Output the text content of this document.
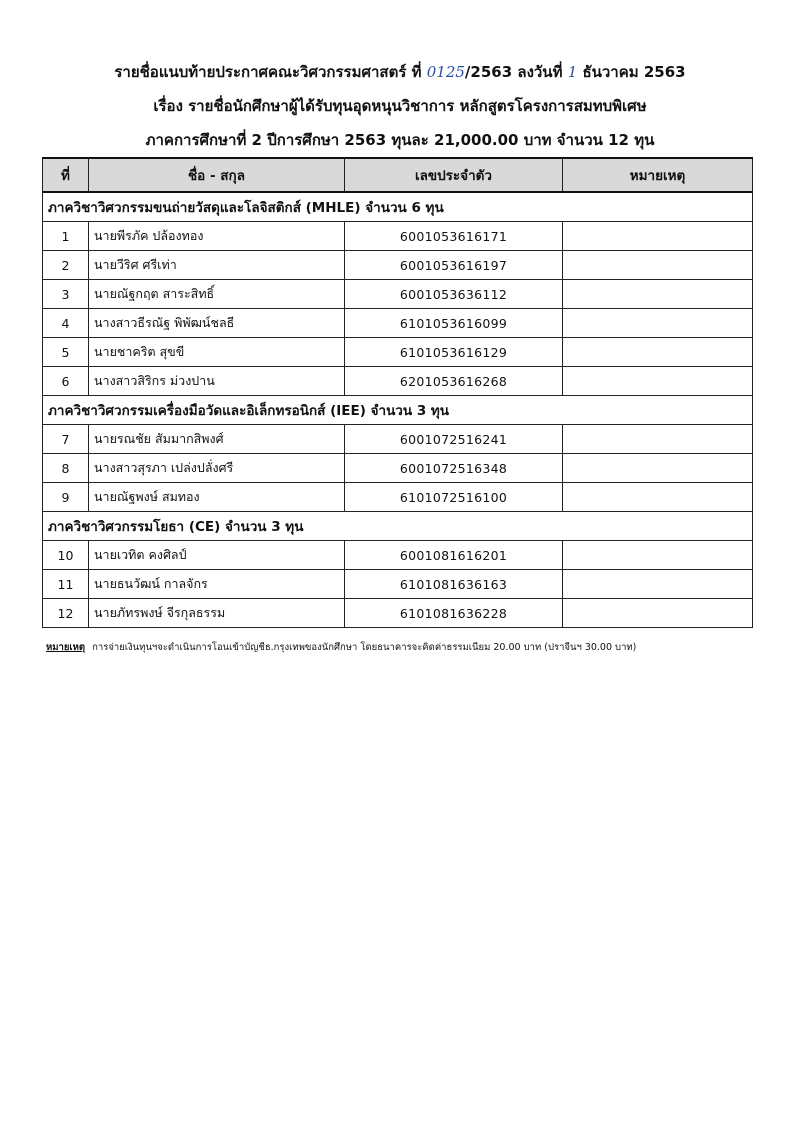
รายชื่อแนบท้ายประกาศคณะวิศวกรรมศาสตร์ ที่ 0125/2563 ลงวันที่ 1 ธันวาคม 2563
เรื่อง รายชื่อนักศึกษาผู้ได้รับทุนอุดหนุนวิชาการ หลักสูตรโครงการสมทบพิเศษ
ภาคการศึกษาที่ 2 ปีการศึกษา 2563 ทุนละ 21,000.00 บาท จำนวน 12 ทุน
ที่	ชื่อ - สกุล	เลขประจำตัว	หมายเหตุ
ภาควิชาวิศวกรรมขนถ่ายวัสดุและโลจิสติกส์ (MHLE) จำนวน 6 ทุน			
1	นายพีรภัค ปล้องทอง	6001053616171	
2	นายวีริศ ศรีเท่า	6001053616197	
3	นายณัฐกฤต สาระสิทธิ์	6001053636112	
4	นางสาวธีรณัฐ พิพัฒน์ชลธี	6101053616099	
5	นายชาคริต สุขขี	6101053616129	
6	นางสาวสิริกร ม่วงปาน	6201053616268	
ภาควิชาวิศวกรรมเครื่องมือวัดและอิเล็กทรอนิกส์ (IEE) จำนวน 3 ทุน			
7	นายรณชัย สัมมากสิพงศ์	6001072516241	
8	นางสาวสุรภา เปล่งปลั่งศรี	6001072516348	
9	นายณัฐพงษ์ สมทอง	6101072516100	
ภาควิชาวิศวกรรมโยธา (CE) จำนวน 3 ทุน			
10	นายเวทิต คงศิลป์	6001081616201	
11	นายธนวัฒน์ กาลจักร	6101081636163	
12	นายภัทรพงษ์ จีรกุลธรรม	6101081636228	
หมายเหตุ การจ่ายเงินทุนฯจะดำเนินการโอนเข้าบัญชีธ.กรุงเทพของนักศึกษา โดยธนาคารจะคิดค่าธรรมเนียม 20.00 บาท (ปราจีนฯ 30.00 บาท)
